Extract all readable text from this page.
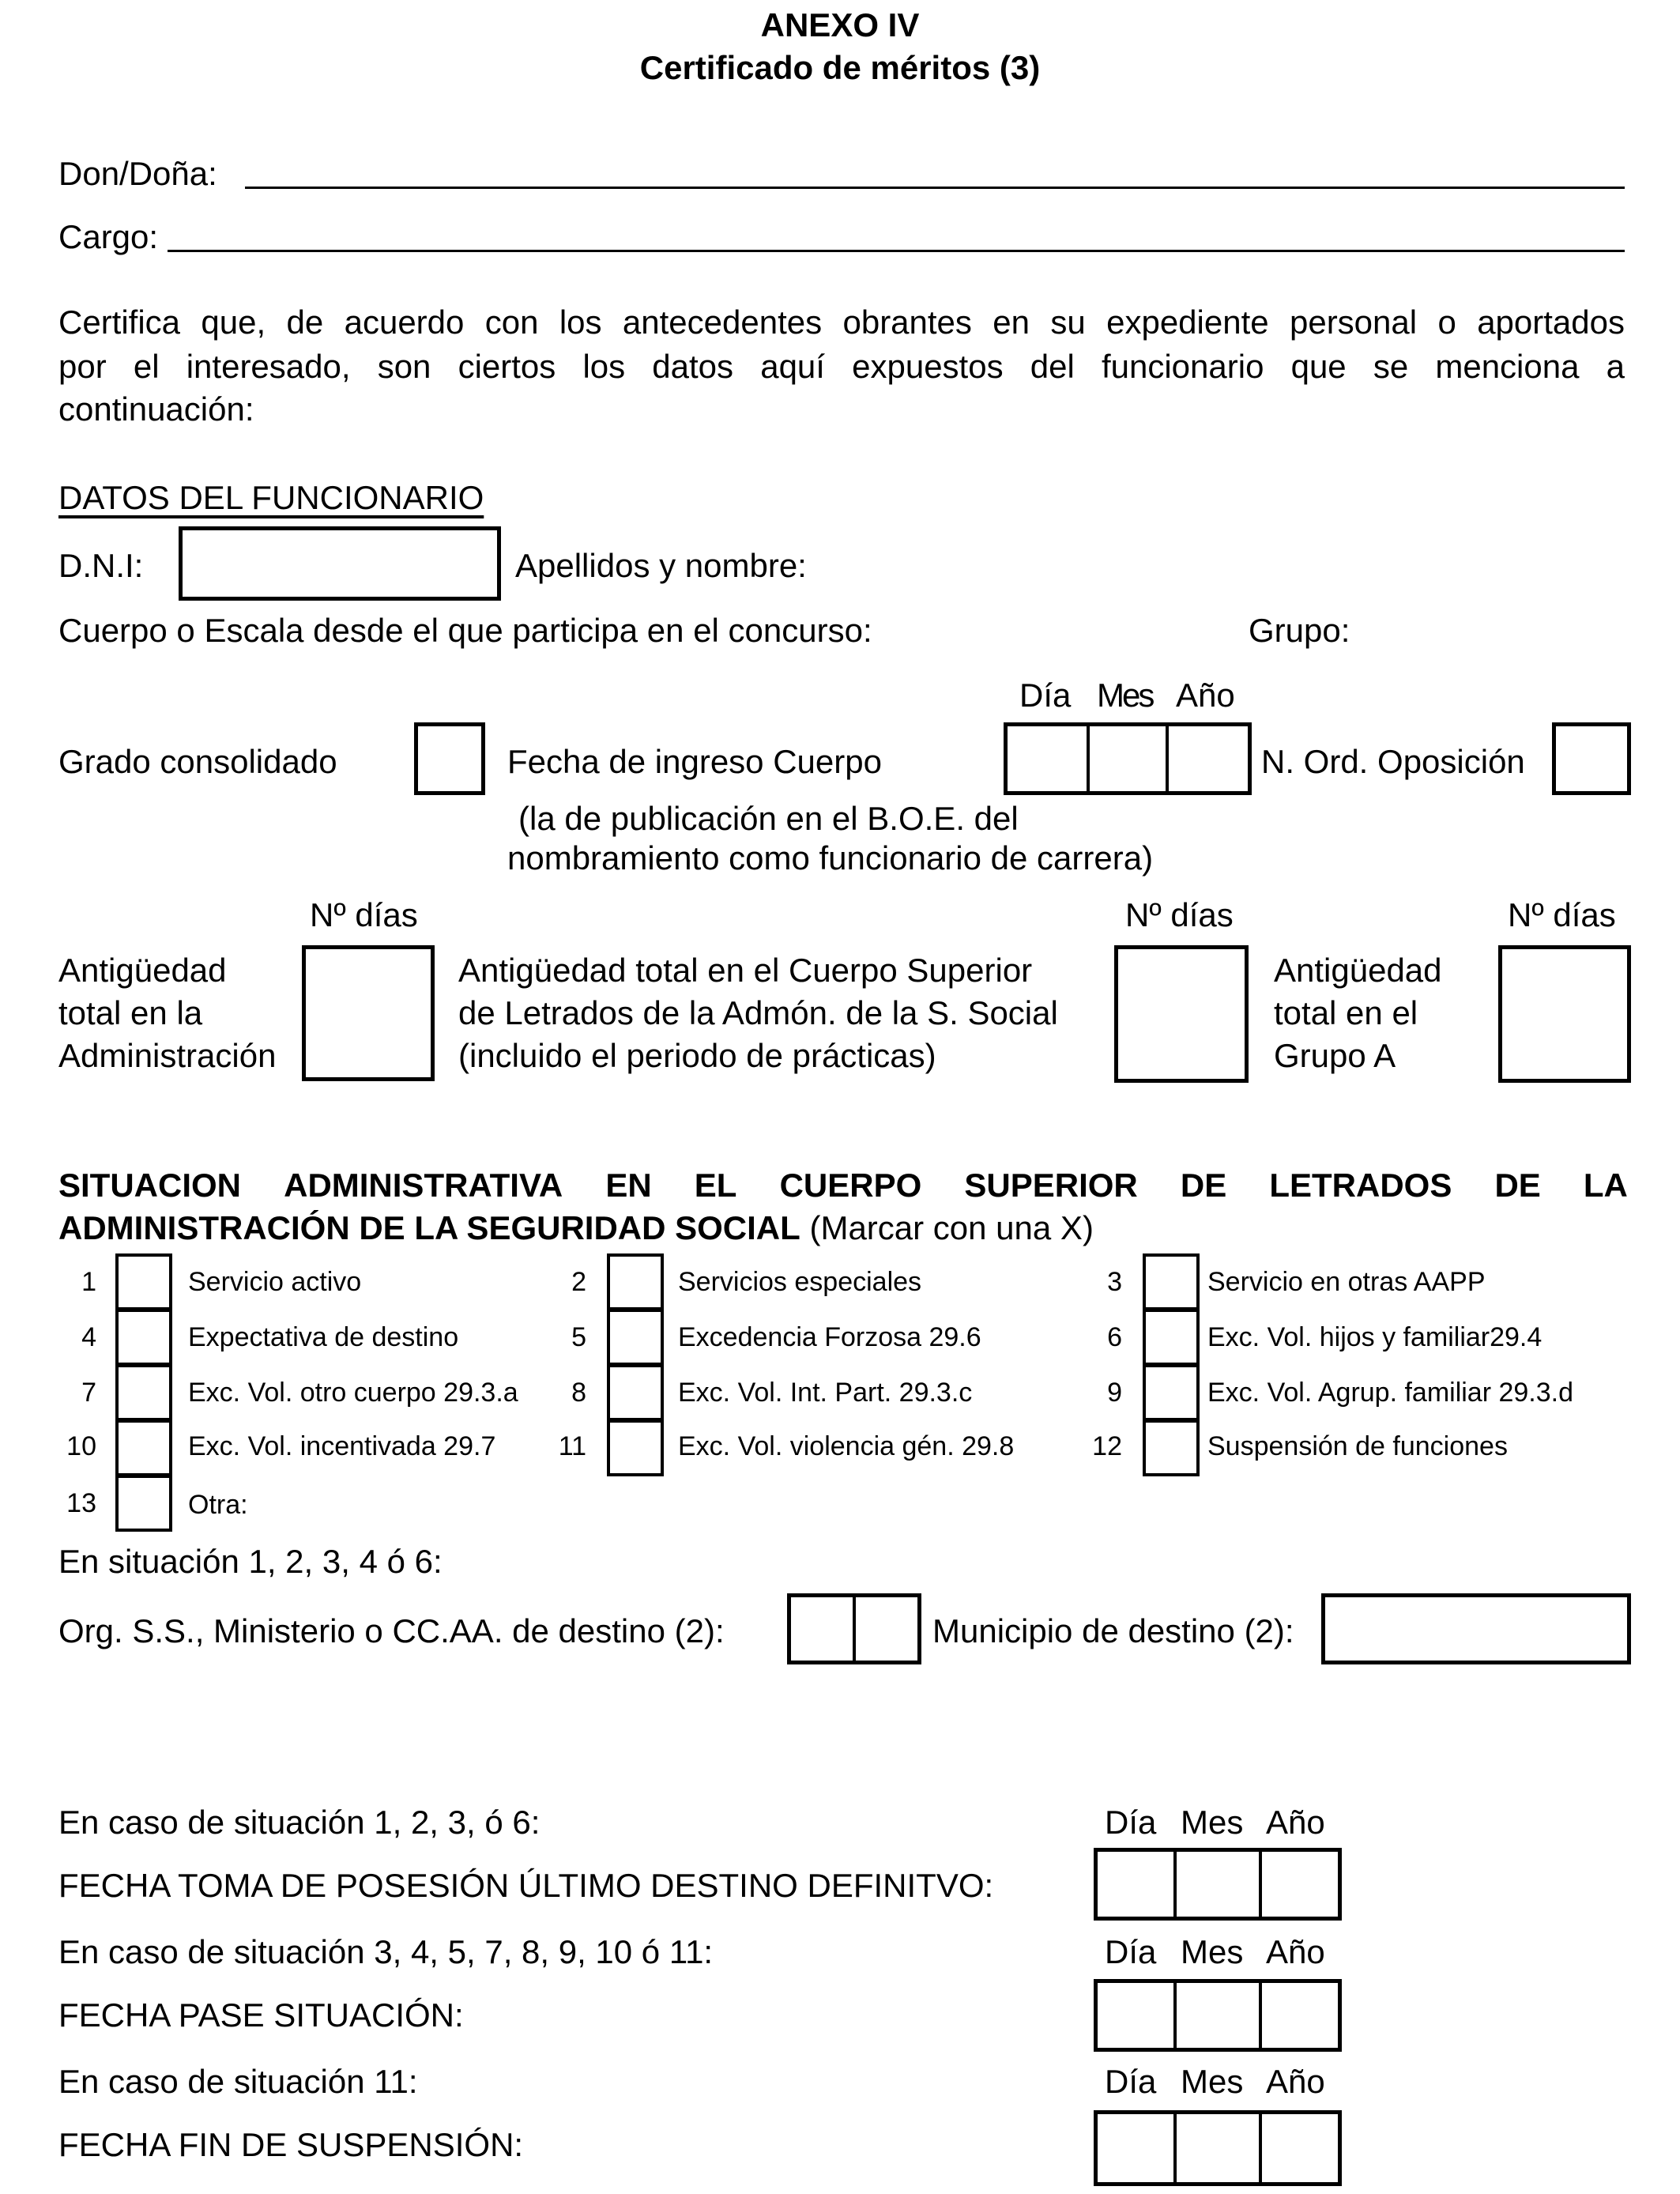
ANEXO IV
Certificado de méritos (3)
Don/Doña:
Cargo:
Certifica que, de acuerdo con los antecedentes obrantes en su expediente personal o aportados
por el interesado, son ciertos los datos aquí expuestos del funcionario que se menciona a
continuación:
DATOS DEL FUNCIONARIO
D.N.I:	Apellidos y nombre:
Cuerpo o Escala desde el que participa en el concurso:	Grupo:
Día Mes Año
Grado consolidado	Fecha de ingreso Cuerpo	N. Ord. Oposición
(la de publicación en el B.O.E. del
nombramiento como funcionario de carrera)
Nº días	Nº días	Nº días
Antigüedad
total en la
Administración
Antigüedad total en el Cuerpo Superior
de Letrados de la Admón. de la S. Social
(incluido el periodo de prácticas)
Antigüedad
total en el
Grupo A
SITUACION ADMINISTRATIVA EN EL CUERPO SUPERIOR DE LETRADOS DE LA
ADMINISTRACIÓN DE LA SEGURIDAD SOCIAL (Marcar con una X)
1	Servicio activo	2	Servicios especiales	3	Servicio en otras AAPP
4	Expectativa de destino	5	Excedencia Forzosa 29.6	6	Exc. Vol. hijos y familiar29.4
7	Exc. Vol. otro cuerpo 29.3.a	8	Exc. Vol. Int. Part. 29.3.c	9	Exc. Vol. Agrup. familiar 29.3.d
10	Exc. Vol. incentivada 29.7	11	Exc. Vol. violencia gén. 29.8	12	Suspensión de funciones
13	Otra:
En situación 1, 2, 3, 4 ó 6:
Org. S.S., Ministerio o CC.AA. de destino (2):	Municipio de destino (2):
En caso de situación 1, 2, 3, ó 6:	Día Mes Año
FECHA TOMA DE POSESIÓN ÚLTIMO DESTINO DEFINITVO:
En caso de situación 3, 4, 5, 7, 8, 9, 10 ó 11:	Día Mes Año
FECHA PASE SITUACIÓN:
En caso de situación 11:	Día Mes Año
FECHA FIN DE SUSPENSIÓN:
